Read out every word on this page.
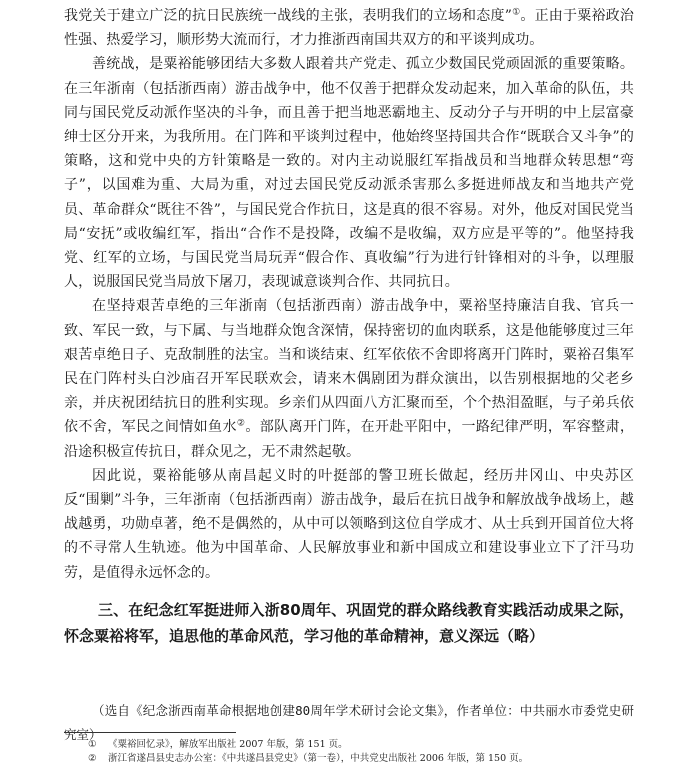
我党关于建立广泛的抗日民族统一战线的主张，表明我们的立场和态度”①。正由于粟裕政治性强、热爱学习，顺形势大流而行，才力推浙西南国共双方的和平谈判成功。

善统战，是粟裕能够团结大多数人跟着共产党走、孤立少数国民党顽固派的重要策略。在三年浙南（包括浙西南）游击战争中，他不仅善于把群众发动起来，加入革命的队伍，共同与国民党反动派作坚决的斗争，而且善于把当地恶霸地主、反动分子与开明的中上层富豪绅士区分开来，为我所用。在门阵和平谈判过程中，他始终坚持国共合作“既联合又斗争”的策略，这和党中央的方针策略是一致的。对内主动说服红军指战员和当地群众转思想“弯子”，以国难为重、大局为重，对过去国民党反动派杀害那么多挺进师战友和当地共产党员、革命群众“既往不咎”，与国民党合作抗日，这是真的很不容易。对外，他反对国民党当局“安抚”或收编红军，指出“合作不是投降，改编不是收编，双方应是平等的”。他坚持我党、红军的立场，与国民党当局玩弄“假合作、真收编”行为进行针锋相对的斗争，以理服人，说服国民党当局放下屠刀，表现诚意谈判合作、共同抗日。

在坚持艰苦卓绝的三年浙南（包括浙西南）游击战争中，粟裕坚持廉洁自我、官兵一致、军民一致，与下属、与当地群众饱含深情，保持密切的血肉联系，这是他能够度过三年艰苦卓绝日子、克敌制胜的法宝。当和谈结束、红军依依不舍即将离开门阵时，粟裕召集军民在门阵村头白沙庙召开军民联欢会，请来木偶剧团为群众演出，以告别根据地的父老乡亲，并庆祝团结抗日的胜利实现。乡亲们从四面八方汇聚而至，个个热泪盈眶，与子弟兵依依不舍，军民之间情如鱼水②。部队离开门阵，在开赴平阳中，一路纪律严明，军容整肃，沿途积极宣传抗日，群众见之，无不肃然起敬。

因此说，粟裕能够从南昌起义时的叶挺部的警卫班长做起，经历井冈山、中央苏区反“围剿”斗争，三年浙南（包括浙西南）游击战争，最后在抗日战争和解放战争战场上，越战越勇，功勋卓著，绝不是偶然的，从中可以领略到这位自学成才、从士兵到开国首位大将的不寻常人生轨迹。他为中国革命、人民解放事业和新中国成立和建设事业立下了汗马功劳，是值得永远怀念的。

三、在纪念红军挺进师入浙80周年、巩固党的群众路线教育实践活动成果之际，怀念粟裕将军，追思他的革命风范，学习他的革命精神，意义深远（略）

（选自《纪念浙西南革命根据地创建80周年学术研讨会论文集》，作者单位：中共丽水市委党史研究室）

① 《粟裕回忆录》，解放军出版社 2007 年版，第 151 页。
② 浙江省遂昌县史志办公室：《中共遂昌县党史》（第一卷），中共党史出版社 2006 年版，第 150 页。
